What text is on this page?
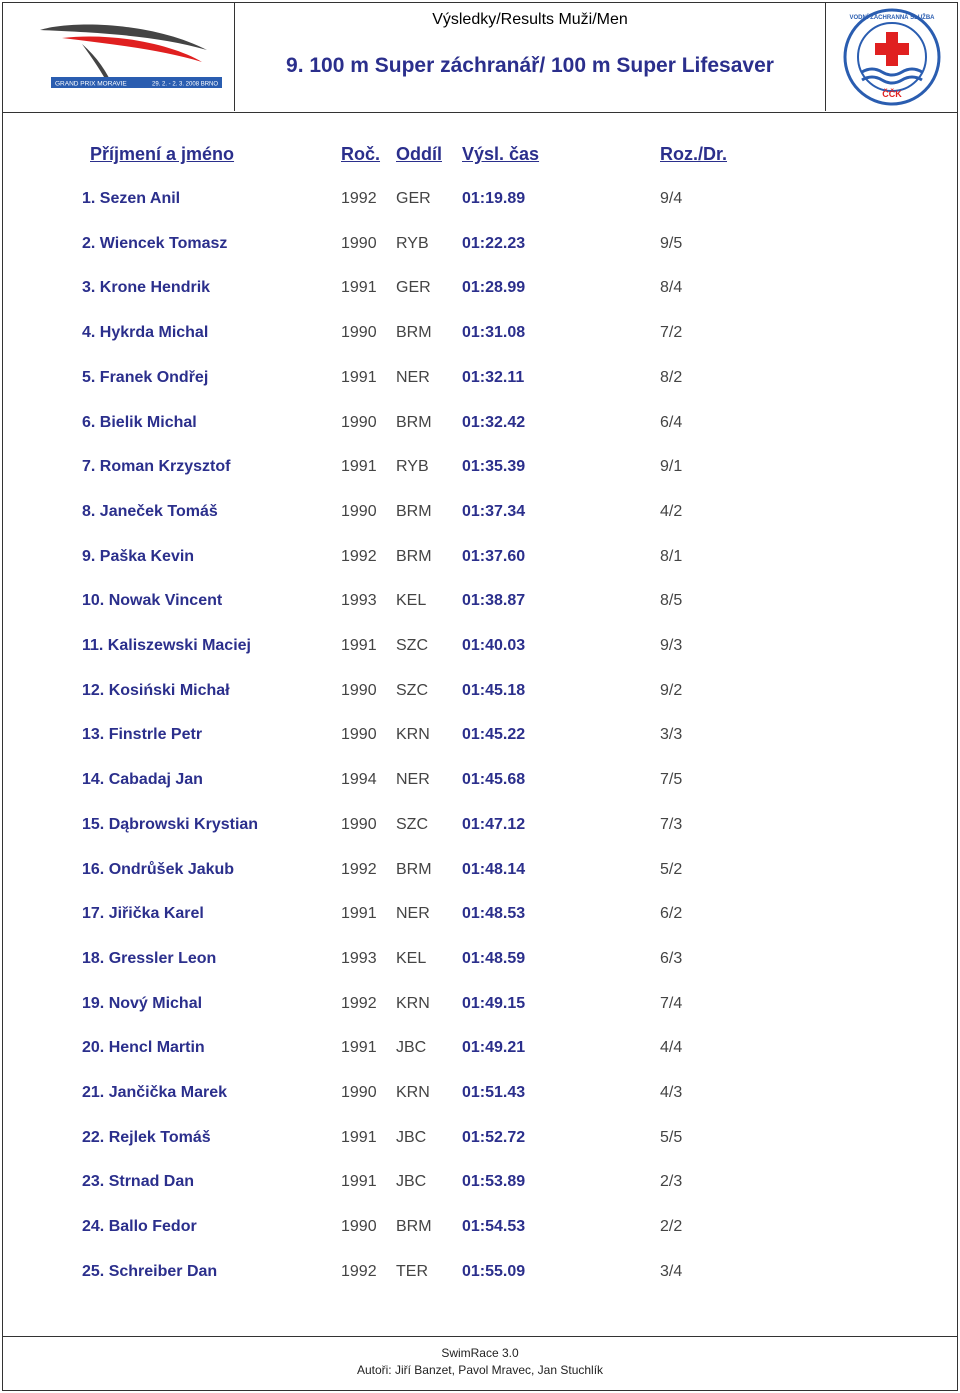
GRAND PRIX MORAVIE	29. 2. - 2. 3. 2008 BRNO
Výsledky/Results Muži/Men
9. 100 m Super záchranář/ 100 m Super Lifesaver
ČČK
VODNÍ ZÁCHRANNÁ SLUŽBA
Příjmení a jméno	Roč. Oddíl Výsl. čas	Roz./Dr.
1. Sezen Anil	1992 GER 01:19.89	9/4
2. Wiencek Tomasz	1990 RYB 01:22.23	9/5
3. Krone Hendrik	1991 GER 01:28.99	8/4
4. Hykrda Michal	1990 BRM 01:31.08	7/2
5. Franek Ondřej	1991 NER 01:32.11	8/2
6. Bielik Michal	1990 BRM 01:32.42	6/4
7. Roman Krzysztof	1991 RYB 01:35.39	9/1
8. Janeček Tomáš	1990 BRM 01:37.34	4/2
9. Paška Kevin	1992 BRM 01:37.60	8/1
10. Nowak Vincent	1993 KEL 01:38.87	8/5
11. Kaliszewski Maciej	1991 SZC 01:40.03	9/3
12. Kosiński Michał	1990 SZC 01:45.18	9/2
13. Finstrle Petr	1990 KRN 01:45.22	3/3
14. Cabadaj Jan	1994 NER 01:45.68	7/5
15. Dąbrowski Krystian	1990 SZC 01:47.12	7/3
16. Ondrůšek Jakub	1992 BRM 01:48.14	5/2
17. Jiřička Karel	1991 NER 01:48.53	6/2
18. Gressler Leon	1993 KEL 01:48.59	6/3
19. Nový Michal	1992 KRN 01:49.15	7/4
20. Hencl Martin	1991 JBC 01:49.21	4/4
21. Jančička Marek	1990 KRN 01:51.43	4/3
22. Rejlek Tomáš	1991 JBC 01:52.72	5/5
23. Strnad Dan	1991 JBC 01:53.89	2/3
24. Ballo Fedor	1990 BRM 01:54.53	2/2
25. Schreiber Dan	1992 TER 01:55.09	3/4
SwimRace 3.0
Autoři: Jiří Banzet, Pavol Mravec, Jan Stuchlík
